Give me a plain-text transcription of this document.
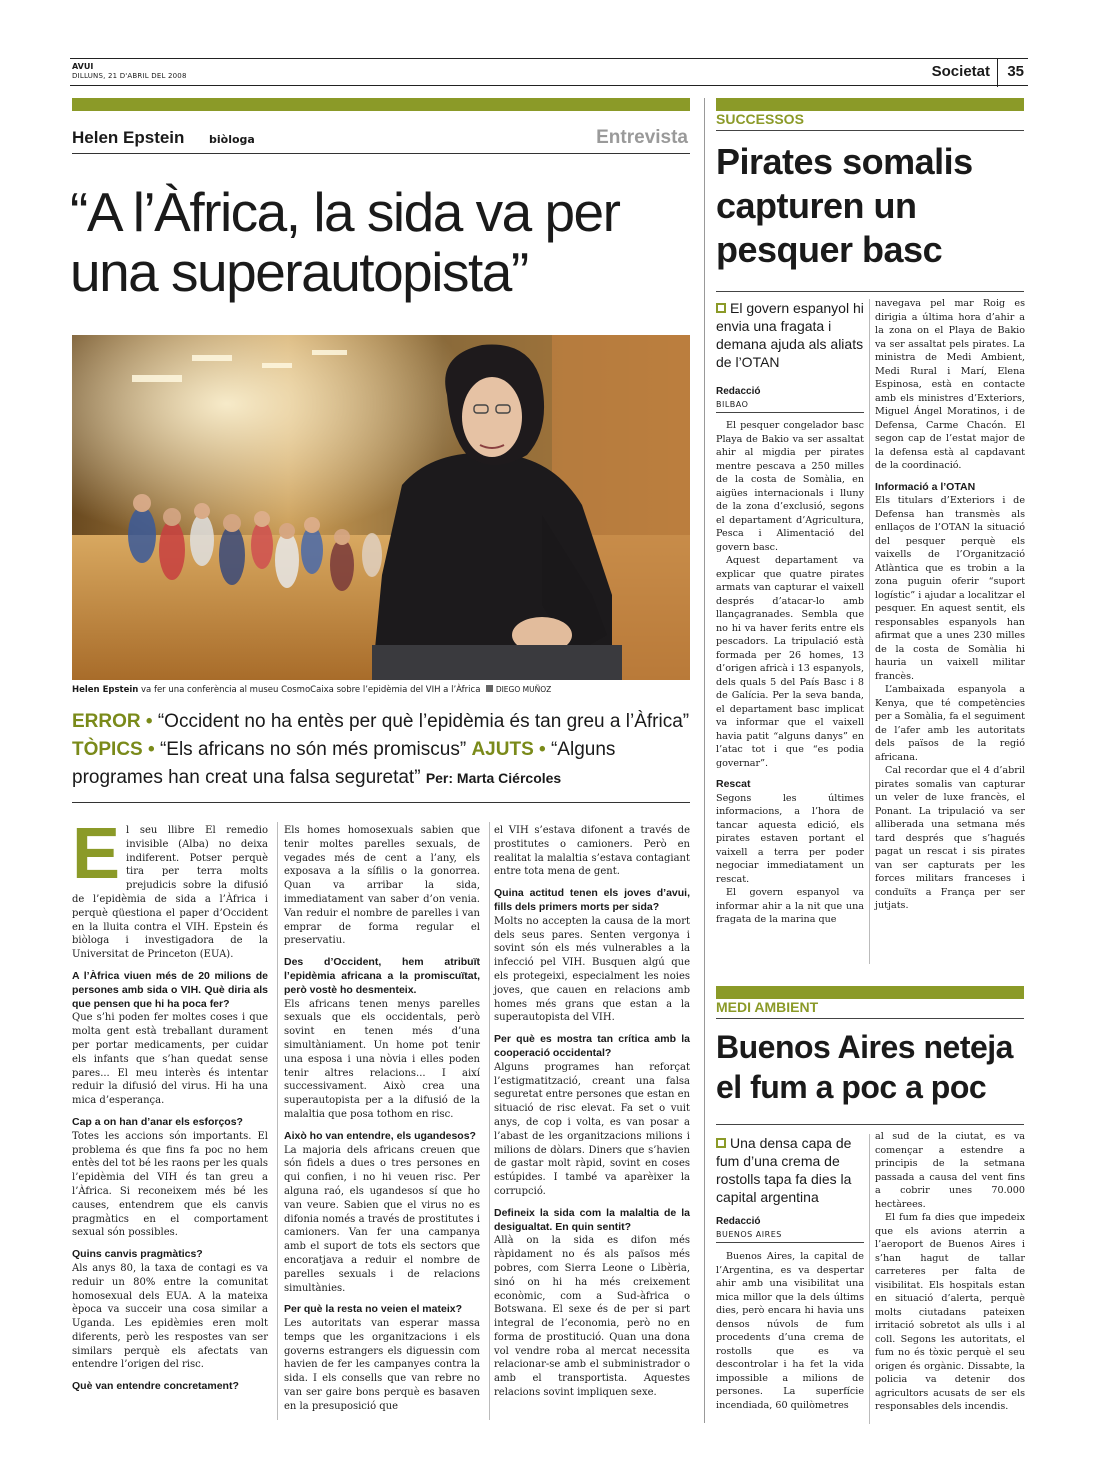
AVUI
DILLUNS, 21 D'ABRIL DEL 2008	Societat 35
Helen Epstein biòloga	Entrevista
“A l’Àfrica, la sida va per una superautopista”
Helen Epstein va fer una conferència al museu CosmoCaixa sobre l’epidèmia del VIH a l’Àfrica DIEGO MUÑOZ
ERROR • “Occident no ha entès per què l’epidèmia és tan greu a l’Àfrica” TÒPICS • “Els africans no són més promiscus” AJUTS • “Alguns programes han creat una falsa seguretat” Per: Marta Ciércoles
E l seu llibre El remedio invisible (Alba) no deixa indiferent. Potser perquè tira per terra molts prejudicis sobre la difusió de l’epidèmia de sida a l’Àfrica i perquè qüestiona el paper d’Occident en la lluita contra el VIH. Epstein és biòloga i investigadora de la Universitat de Princeton (EUA).

A l’Àfrica viuen més de 20 milions de persones amb sida o VIH. Què diria als que pensen que hi ha poca fer?

Que s’hi poden fer moltes coses i que molta gent està treballant durament per portar medicaments, per cuidar els infants que s’han quedat sense pares... El meu interès és intentar reduir la difusió del virus. Hi ha una mica d’esperança.

Cap a on han d’anar els esforços?

Totes les accions són importants. El problema és que fins fa poc no hem entès del tot bé les raons per les quals l’epidèmia del VIH és tan greu a l’Àfrica. Si reconeixem més bé les causes, entendrem que els canvis pragmàtics en el comportament sexual són possibles.

Quins canvis pragmàtics?

Als anys 80, la taxa de contagi es va reduir un 80% entre la comunitat homosexual dels EUA. A la mateixa època va succeir una cosa similar a Uganda. Les epidèmies eren molt diferents, però les respostes van ser similars perquè els afectats van entendre l’origen del risc.

Què van entendre concretament?

Els homes homosexuals sabien que tenir moltes parelles sexuals, de vegades més de cent a l’any, els exposava a la sífilis o la gonorrea. Quan va arribar la sida, immediatament van saber d’on venia. Van reduir el nombre de parelles i van emprar de forma regular el preservatiu.

Des d’Occident, hem atribuït l’epidèmia africana a la promiscuïtat, però vostè ho desmenteix.

Els africans tenen menys parelles sexuals que els occidentals, però sovint en tenen més d’una simultàniament. Un home pot tenir una esposa i una nòvia i elles poden tenir altres relacions... I així successivament. Això crea una superautopista per a la difusió de la malaltia que posa tothom en risc.

Això ho van entendre, els ugandesos?

La majoria dels africans creuen que són fidels a dues o tres persones en qui confien, i no hi veuen risc. Per alguna raó, els ugandesos sí que ho van veure. Sabien que el virus no es difonia només a través de prostitutes i camioners. Van fer una campanya amb el suport de tots els sectors que encoratjava a reduir el nombre de parelles sexuals i de relacions simultànies.

Per què la resta no veien el mateix?

Les autoritats van esperar massa temps que les organitzacions i els governs estrangers els diguessin com havien de fer les campanyes contra la sida. I els consells que van rebre no van ser gaire bons perquè es basaven en la presuposició que

el VIH s’estava difonent a través de prostitutes o camioners. Però en realitat la malaltia s’estava contagiant entre tota mena de gent.

Quina actitud tenen els joves d’avui, fills dels primers morts per sida?

Molts no accepten la causa de la mort dels seus pares. Senten vergonya i sovint són els més vulnerables a la infecció pel VIH. Busquen algú que els protegeixi, especialment les noies joves, que cauen en relacions amb homes més grans que estan a la superautopista del VIH.

Per què es mostra tan crítica amb la cooperació occidental?

Alguns programes han reforçat l’estigmatització, creant una falsa seguretat entre persones que estan en situació de risc elevat. Fa set o vuit anys, de cop i volta, es van posar a l’abast de les organitzacions milions i milions de dòlars. Diners que s’havien de gastar molt ràpid, sovint en coses estúpides. I també va aparèixer la corrupció.

Defineix la sida com la malaltia de la desigualtat. En quin sentit?

Allà on la sida es difon més ràpidament no és als països més pobres, com Sierra Leone o Libèria, sinó on hi ha més creixement econòmic, com a Sud-àfrica o Botswana. El sexe és de per si part integral de l’economia, però no en forma de prostitució. Quan una dona vol vendre roba al mercat necessita relacionar-se amb el subministrador o amb el transportista. Aquestes relacions sovint impliquen sexe.

SUCCESSOS
Pirates somalis capturen un pesquer basc
El govern espanyol hi envia una fragata i demana ajuda als aliats de l’OTAN
Redacció
BILBAO

El pesquer congelador basc Playa de Bakio va ser assaltat ahir al migdia per pirates mentre pescava a 250 milles de la costa de Somàlia, en aigües internacionals i lluny de la zona d’exclusió, segons el departament d’Agricultura, Pesca i Alimentació del govern basc.

Aquest departament va explicar que quatre pirates armats van capturar el vaixell després d’atacar-lo amb llançagranades. Sembla que no hi va haver ferits entre els pescadors. La tripulació està formada per 26 homes, 13 d’origen africà i 13 espanyols, dels quals 5 del País Basc i 8 de Galícia. Per la seva banda, el departament basc implicat va informar que el vaixell havia patit “alguns danys” en l’atac tot i que “es podia governar”.

Rescat

Segons les últimes informacions, a l’hora de tancar aquesta edició, els pirates estaven portant el vaixell a terra per poder negociar immediatament un rescat.

El govern espanyol va informar ahir a la nit que una fragata de la marina que

navegava pel mar Roig es dirigia a última hora d’ahir a la zona on el Playa de Bakio va ser assaltat pels pirates. La ministra de Medi Ambient, Medi Rural i Marí, Elena Espinosa, està en contacte amb els ministres d’Exteriors, Miguel Ángel Moratinos, i de Defensa, Carme Chacón. El segon cap de l’estat major de la defensa està al capdavant de la coordinació.

Informació a l’OTAN

Els titulars d’Exteriors i de Defensa han transmès als enllaços de l’OTAN la situació del pesquer perquè els vaixells de l’Organització Atlàntica que es trobin a la zona puguin oferir “suport logístic” i ajudar a localitzar el pesquer. En aquest sentit, els responsables espanyols han afirmat que a unes 230 milles de la costa de Somàlia hi hauria un vaixell militar francès.

L’ambaixada espanyola a Kenya, que té competències per a Somàlia, fa el seguiment de l’afer amb les autoritats dels països de la regió africana.

Cal recordar que el 4 d’abril pirates somalis van capturar un veler de luxe francès, el Ponant. La tripulació va ser alliberada una setmana més tard després que s’hagués pagat un rescat i sis pirates van ser capturats per les forces militars franceses i conduïts a França per ser jutjats.

MEDI AMBIENT
Buenos Aires neteja el fum a poc a poc
Una densa capa de fum d’una crema de rostolls tapa fa dies la capital argentina
Redacció
BUENOS AIRES

Buenos Aires, la capital de l’Argentina, es va despertar ahir amb una visibilitat una mica millor que la dels últims dies, però encara hi havia uns densos núvols de fum procedents d’una crema de rostolls que es va descontrolar i ha fet la vida impossible a milions de persones. La superfície incendiada, 60 quilòmetres

al sud de la ciutat, es va començar a estendre a principis de la setmana passada a causa del vent fins a cobrir unes 70.000 hectàrees.

El fum fa dies que impedeix que els avions aterrin a l’aeroport de Buenos Aires i s’han hagut de tallar carreteres per falta de visibilitat. Els hospitals estan en situació d’alerta, perquè molts ciutadans pateixen irritació sobretot als ulls i al coll. Segons les autoritats, el fum no és tòxic perquè el seu origen és orgànic. Dissabte, la policia va detenir dos agricultors acusats de ser els responsables dels incendis.
